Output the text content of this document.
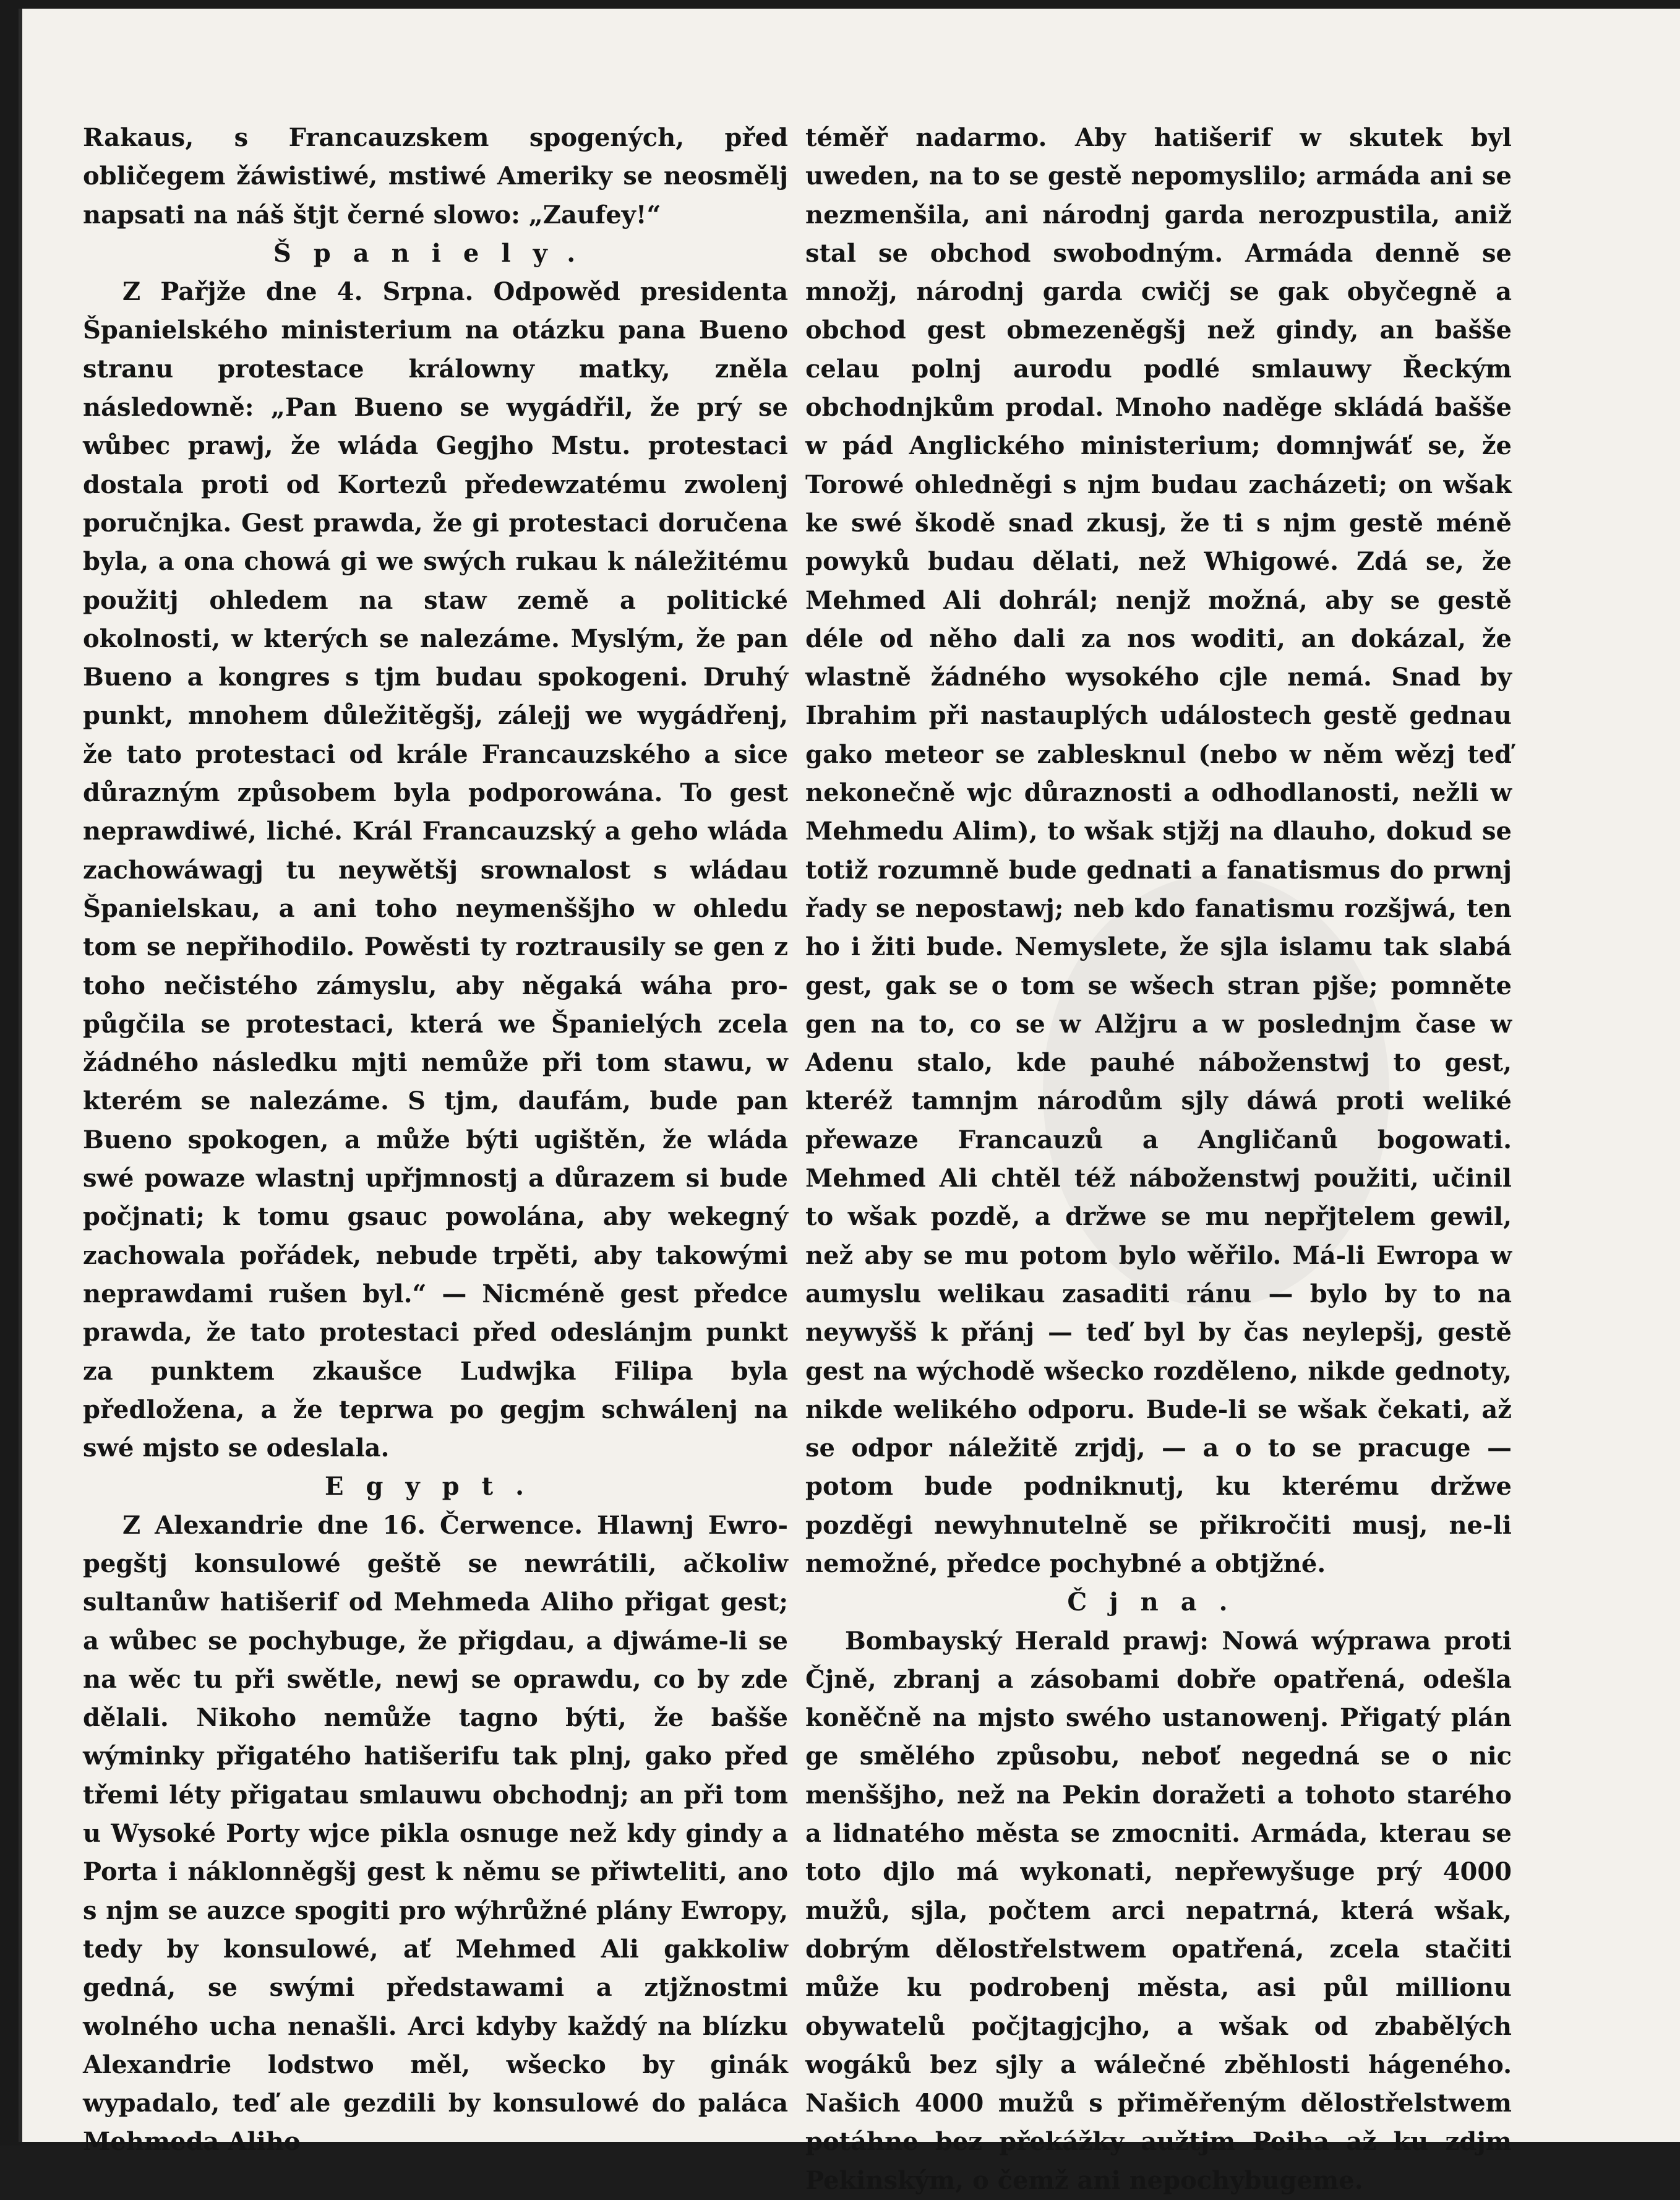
Rakaus, s Francauzskem spogených, před obličegem žáwistiwé, mstiwé Ameriky se neosmělj napsati na náš štjt černé slowo: „Zaufey!“

Španiely.

Z Pařjže dne 4. Srpna. Odpowěd presidenta Španielského ministerium na otázku pana Bueno stranu protestace králowny matky, zněla následowně: „Pan Bueno se wygádřil, že prý se wůbec prawj, že wláda Gegjho Mstu. protestaci dostala proti od Kortezů předewzatému zwolenj poručnjka. Gest prawda, že gi protestaci doručena byla, a ona chowá gi we swých rukau k náležitému použitj ohledem na staw země a politické okolnosti, w kterých se nalezáme. Myslým, že pan Bueno a kongres s tjm budau spokogeni. Druhý punkt, mnohem důležitěgšj, zálejj we wygádřenj, že tato protestaci od krále Francauzského a sice důrazným způsobem byla podporowána. To gest neprawdiwé, liché. Král Francauzský a geho wláda zachowáwagj tu neywětšj srownalost s wládau Španielskau, a ani toho neymenššjho w ohledu tom se nepřihodilo. Powěsti ty roztrausily se gen z toho nečistého zámyslu, aby něgaká wáha propůgčila se protestaci, která we Španielých zcela žádného následku mjti nemůže při tom stawu, w kterém se nalezáme. S tjm, daufám, bude pan Bueno spokogen, a může býti ugištěn, že wláda swé powaze wlastnj upřjmnostj a důrazem si bude počjnati; k tomu gsauc powolána, aby wekegný zachowala pořádek, nebude trpěti, aby takowými neprawdami rušen byl.“ — Nicméně gest předce prawda, že tato protestaci před odeslánjm punkt za punktem zkaušce Ludwjka Filipa byla předložena, a že teprwa po gegjm schwálenj na swé mjsto se odeslala.

Egypt.

Z Alexandrie dne 16. Čerwence. Hlawnj Ewropegštj konsulowé geště se newrátili, ačkoliw sultanůw hatišerif od Mehmeda Aliho přigat gest; a wůbec se pochybuge, že přigdau, a djwáme-li se na wěc tu při swětle, newj se oprawdu, co by zde dělali. Nikoho nemůže tagno býti, že bašše wýminky přigatého hatišerifu tak plnj, gako před třemi léty přigatau smlauwu obchodnj; an při tom u Wysoké Porty wjce pikla osnuge než kdy gindy a Porta i náklonněgšj gest k němu se přiwteliti, ano s njm se auzce spogiti pro wýhrůžné plány Ewropy, tedy by konsulowé, ať Mehmed Ali gakkoliw gedná, se swými předstawami a ztjžnostmi wolného ucha nenašli. Arci kdyby každý na blízku Alexandrie lodstwo měl, wšecko by ginák wypadalo, teď ale gezdili by konsulowé do paláca Mehmeda Aliho

téměř nadarmo. Aby hatišerif w skutek byl uweden, na to se gestě nepomyslilo; armáda ani se nezmenšila, ani národnj garda nerozpustila, aniž stal se obchod swobodným. Armáda denně se množj, národnj garda cwičj se gak obyčegně a obchod gest obmezeněgšj než gindy, an bašše celau polnj aurodu podlé smlauwy Řeckým obchodnjkům prodal. Mnoho naděge skládá bašše w pád Anglického ministerium; domnjwáť se, že Torowé ohledněgi s njm budau zacházeti; on wšak ke swé škodě snad zkusj, že ti s njm gestě méně powyků budau dělati, než Whigowé. Zdá se, že Mehmed Ali dohrál; nenjž možná, aby se gestě déle od něho dali za nos woditi, an dokázal, že wlastně žádného wysokého cjle nemá. Snad by Ibrahim při nastauplých událostech gestě gednau gako meteor se zablesknul (nebo w něm wězj teď nekonečně wjc důraznosti a odhodlanosti, nežli w Mehmedu Alim), to wšak stjžj na dlauho, dokud se totiž rozumně bude gednati a fanatismus do prwnj řady se nepostawj; neb kdo fanatismu rozšjwá, ten ho i žiti bude. Nemyslete, že sjla islamu tak slabá gest, gak se o tom se wšech stran pjše; pomněte gen na to, co se w Alžjru a w poslednjm čase w Adenu stalo, kde pauhé náboženstwj to gest, kteréž tamnjm národům sjly dáwá proti weliké přewaze Francauzů a Angličanů bogowati. Mehmed Ali chtěl též náboženstwj použiti, učinil to wšak pozdě, a držwe se mu nepřjtelem gewil, než aby se mu potom bylo wěřilo. Má-li Ewropa w aumyslu welikau zasaditi ránu — bylo by to na neywyšš k přánj — teď byl by čas neylepšj, gestě gest na wýchodě wšecko rozděleno, nikde gednoty, nikde welikého odporu. Bude-li se wšak čekati, až se odpor náležitě zrjdj, — a o to se pracuge — potom bude podniknutj, ku kterému držwe pozděgi newyhnutelně se přikročiti musj, ne-li nemožné, předce pochybné a obtjžné.

Čjna.

Bombayský Herald prawj: Nowá wýprawa proti Čjně, zbranj a zásobami dobře opatřená, odešla koněčně na mjsto swého ustanowenj. Přigatý plán ge smělého způsobu, neboť negedná se o nic menššjho, než na Pekin doražeti a tohoto starého a lidnatého města se zmocniti. Armáda, kterau se toto djlo má wykonati, nepřewyšuge prý 4000 mužů, sjla, počtem arci nepatrná, která wšak, dobrým dělostřelstwem opatřená, zcela stačiti může ku podrobenj města, asi půl millionu obywatelů počjtagjcjho, a wšak od zbabělých wogáků bez sjly a wálečné zběhlosti hágeného. Našich 4000 mužů s přiměřeným dělostřelstwem potáhne bez překážky aužtjm Peiha až ku zdjm Pekinským, o čemž ani nepochybugeme.
